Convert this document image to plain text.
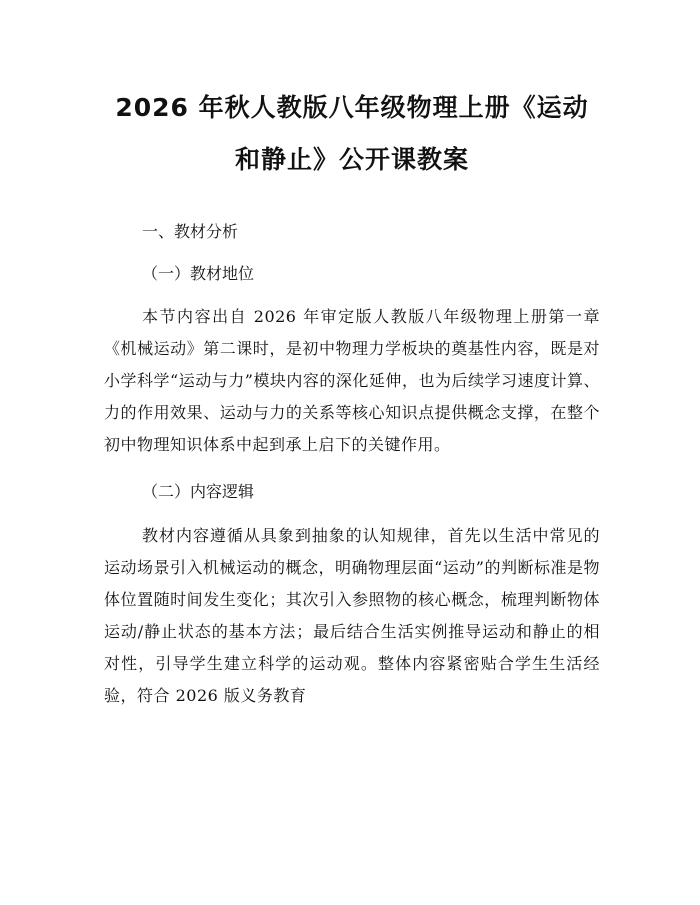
2026 年秋人教版八年级物理上册《运动和静止》公开课教案

一、教材分析

（一）教材地位

本节内容出自 2026 年审定版人教版八年级物理上册第一章《机械运动》第二课时，是初中物理力学板块的奠基性内容，既是对小学科学“运动与力”模块内容的深化延伸，也为后续学习速度计算、力的作用效果、运动与力的关系等核心知识点提供概念支撑，在整个初中物理知识体系中起到承上启下的关键作用。

（二）内容逻辑

教材内容遵循从具象到抽象的认知规律，首先以生活中常见的运动场景引入机械运动的概念，明确物理层面“运动”的判断标准是物体位置随时间发生变化；其次引入参照物的核心概念，梳理判断物体运动/静止状态的基本方法；最后结合生活实例推导运动和静止的相对性，引导学生建立科学的运动观。整体内容紧密贴合学生生活经验，符合 2026 版义务教育
